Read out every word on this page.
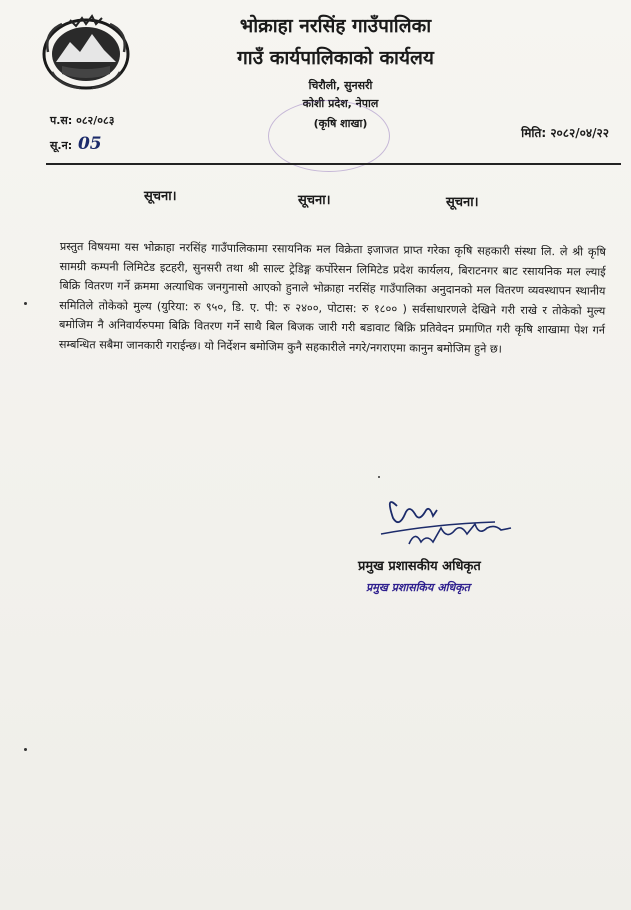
भोक्राहा नरसिंह गाउँपालिका
गाउँ कार्यपालिकाको कार्यलय
चिरौली, सुनसरी
कोशी प्रदेश, नेपाल
(कृषि शाखा)
प.स: ०८२/०८३
सू.न: 05
मिति: २०८२/०४/२२
सूचना।	सूचना।	सूचना।
प्रस्तुत विषयमा यस भोक्राहा नरसिंह गाउँपालिकामा रसायनिक मल विक्रेता इजाजत प्राप्त गरेका कृषि सहकारी संस्था लि. ले श्री कृषि सामग्री कम्पनी लिमिटेड इटहरी, सुनसरी तथा श्री साल्ट ट्रेडिङ्ग कर्पोरेसन लिमिटेड प्रदेश कार्यलय, बिराटनगर बाट रसायनिक मल ल्याई बिक्रि वितरण गर्ने क्रममा अत्याधिक जनगुनासो आएको हुनाले भोक्राहा नरसिंह गाउँपालिका अनुदानको मल वितरण व्यवस्थापन स्थानीय समितिले तोकेको मुल्य (युरिया: रु ९५०, डि. ए. पी: रु २४००, पोटास: रु १८०० ) सर्वसाधारणले देखिने गरी राखे र तोकेको मुल्य बमोजिम नै अनिवार्यरुपमा बिक्रि वितरण गर्ने साथै बिल बिजक जारी गरी बडावाट बिक्रि प्रतिवेदन प्रमाणित गरी कृषि शाखामा पेश गर्न सम्बन्धित सबैमा जानकारी गराईन्छ। यो निर्देशन बमोजिम कुनै सहकारीले नगरे/नगराएमा कानुन बमोजिम हुने छ।
प्रमुख प्रशासकीय अधिकृत
प्रमुख प्रशासकिय अधिकृत
